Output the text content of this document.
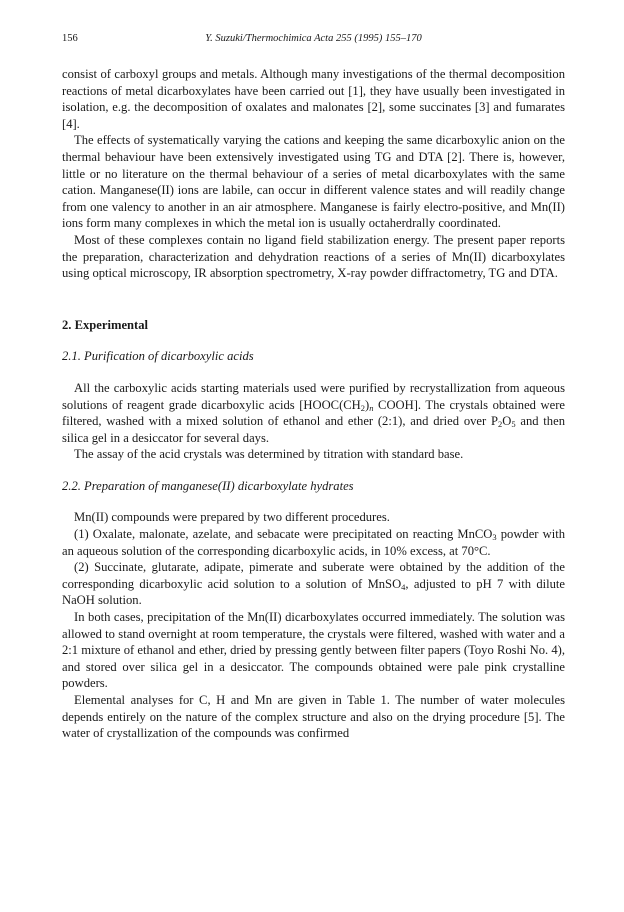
156	Y. Suzuki/Thermochimica Acta 255 (1995) 155–170

consist of carboxyl groups and metals. Although many investigations of the thermal decomposition reactions of metal dicarboxylates have been carried out [1], they have usually been investigated in isolation, e.g. the decomposition of oxalates and malonates [2], some succinates [3] and fumarates [4].

The effects of systematically varying the cations and keeping the same dicarboxylic anion on the thermal behaviour have been extensively investigated using TG and DTA [2]. There is, however, little or no literature on the thermal behaviour of a series of metal dicarboxylates with the same cation. Manganese(II) ions are labile, can occur in different valence states and will readily change from one valency to another in an air atmosphere. Manganese is fairly electro-positive, and Mn(II) ions form many complexes in which the metal ion is usually octaherdrally coordinated.

Most of these complexes contain no ligand field stabilization energy. The present paper reports the preparation, characterization and dehydration reactions of a series of Mn(II) dicarboxylates using optical microscopy, IR absorption spectrometry, X-ray powder diffractometry, TG and DTA.

2. Experimental
2.1. Purification of dicarboxylic acids

All the carboxylic acids starting materials used were purified by recrystallization from aqueous solutions of reagent grade dicarboxylic acids [$HOOC(CH_2)_n$ COOH]. The crystals obtained were filtered, washed with a mixed solution of ethanol and ether (2:1), and dried over $P_2O_5$ and then silica gel in a desiccator for several days.

The assay of the acid crystals was determined by titration with standard base.

2.2. Preparation of manganese(II) dicarboxylate hydrates

Mn(II) compounds were prepared by two different procedures.

(1) Oxalate, malonate, azelate, and sebacate were precipitated on reacting MnCO$_3$ powder with an aqueous solution of the corresponding dicarboxylic acids, in 10% excess, at 70°C.

(2) Succinate, glutarate, adipate, pimerate and suberate were obtained by the addition of the corresponding dicarboxylic acid solution to a solution of MnSO$_4$, adjusted to pH 7 with dilute NaOH solution.

In both cases, precipitation of the Mn(II) dicarboxylates occurred immediately. The solution was allowed to stand overnight at room temperature, the crystals were filtered, washed with water and a 2:1 mixture of ethanol and ether, dried by pressing gently between filter papers (Toyo Roshi No. 4), and stored over silica gel in a desiccator. The compounds obtained were pale pink crystalline powders.

Elemental analyses for C, H and Mn are given in Table 1. The number of water molecules depends entirely on the nature of the complex structure and also on the drying procedure [5]. The water of crystallization of the compounds was confirmed
